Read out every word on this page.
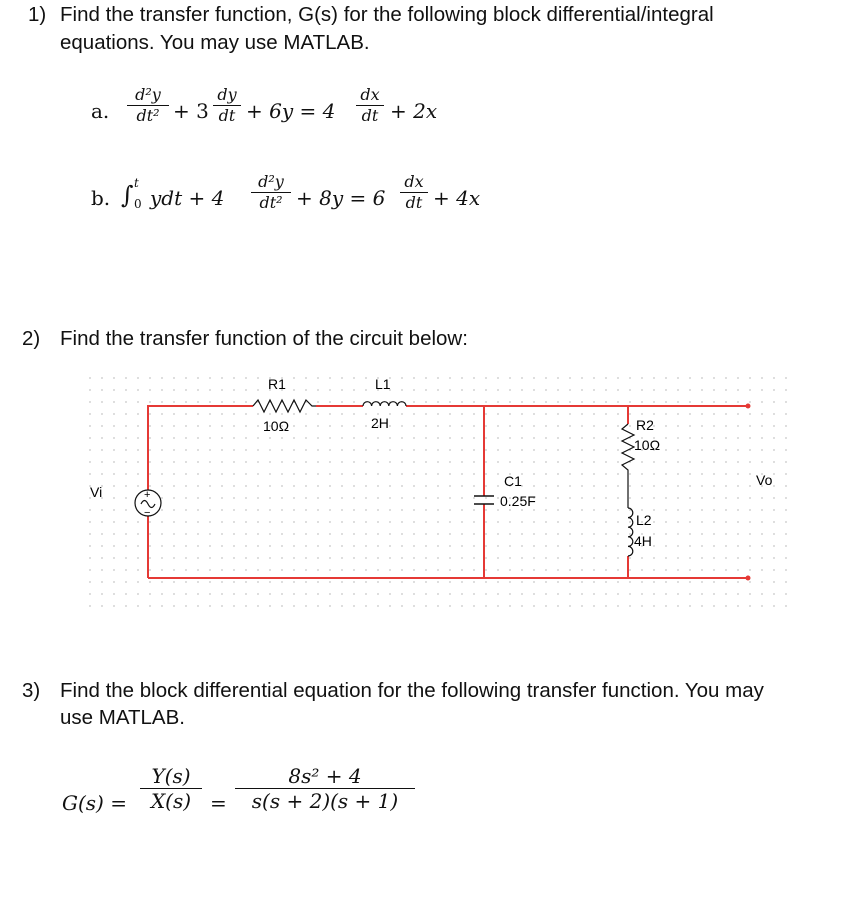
1) Find the transfer function, G(s) for the following block differential/integral
equations. You may use MATLAB.
a.
d²y
dt² + 3
dy
dt + 6y = 4
dx
dt + 2x
b. ∫ t
0 ydt + 4
d²y
dt² + 8y = 6
dx
dt + 4x
2) Find the transfer function of the circuit below:
R1
10Ω
L1
2H
C1
0.25F
R2
10Ω
L2
4H
+
−
Vi
Vo
3) Find the block differential equation for the following transfer function. You may
use MATLAB.
G(s) =
Y(s)
X(s) =
8s² + 4
s(s + 2)(s + 1)
